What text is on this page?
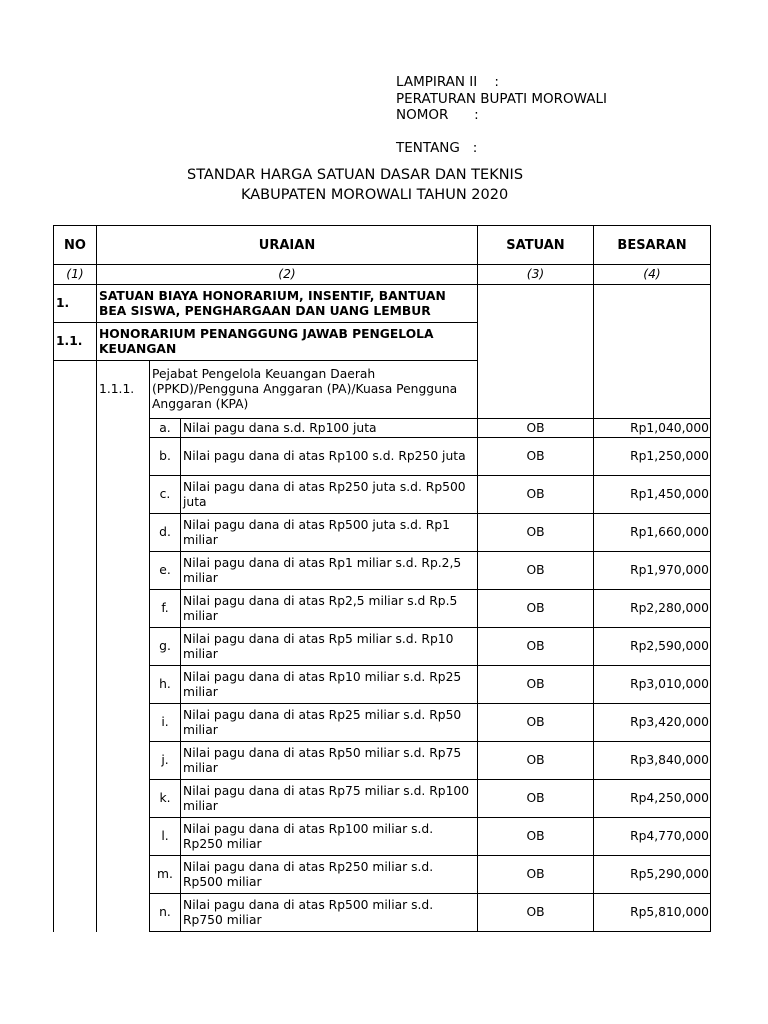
LAMPIRAN II    :
PERATURAN BUPATI MOROWALI
NOMOR      :
TENTANG   :
STANDAR HARGA SATUAN DASAR DAN TEKNIS
KABUPATEN MOROWALI TAHUN 2020
NO	URAIAN			SATUAN	BESARAN
(1)	(2)			(3)	(4)
1.	SATUAN BIAYA HONORARIUM, INSENTIF, BANTUAN BEA SISWA, PENGHARGAAN DAN UANG LEMBUR				
1.1.	HONORARIUM PENANGGUNG JAWAB PENGELOLA KEUANGAN				
	1.1.1.	Pejabat Pengelola Keuangan Daerah (PPKD)/Pengguna Anggaran (PA)/Kuasa Pengguna Anggaran (KPA)			
		a.	Nilai pagu dana s.d. Rp100 juta	OB	Rp1,040,000
		b.	Nilai pagu dana di atas Rp100 s.d. Rp250 juta	OB	Rp1,250,000
		c.	Nilai pagu dana di atas Rp250 juta s.d. Rp500 juta	OB	Rp1,450,000
		d.	Nilai pagu dana di atas Rp500 juta s.d. Rp1 miliar	OB	Rp1,660,000
		e.	Nilai pagu dana di atas Rp1 miliar s.d. Rp.2,5 miliar	OB	Rp1,970,000
		f.	Nilai pagu dana di atas Rp2,5 miliar s.d Rp.5 miliar	OB	Rp2,280,000
		g.	Nilai pagu dana di atas Rp5 miliar s.d. Rp10 miliar	OB	Rp2,590,000
		h.	Nilai pagu dana di atas Rp10 miliar s.d. Rp25 miliar	OB	Rp3,010,000
		i.	Nilai pagu dana di atas Rp25 miliar s.d. Rp50 miliar	OB	Rp3,420,000
		j.	Nilai pagu dana di atas Rp50 miliar s.d. Rp75 miliar	OB	Rp3,840,000
		k.	Nilai pagu dana di atas Rp75 miliar s.d. Rp100 miliar	OB	Rp4,250,000
		l.	Nilai pagu dana di atas Rp100 miliar s.d. Rp250 miliar	OB	Rp4,770,000
		m.	Nilai pagu dana di atas Rp250 miliar s.d. Rp500 miliar	OB	Rp5,290,000
		n.	Nilai pagu dana di atas Rp500 miliar s.d. Rp750 miliar	OB	Rp5,810,000
